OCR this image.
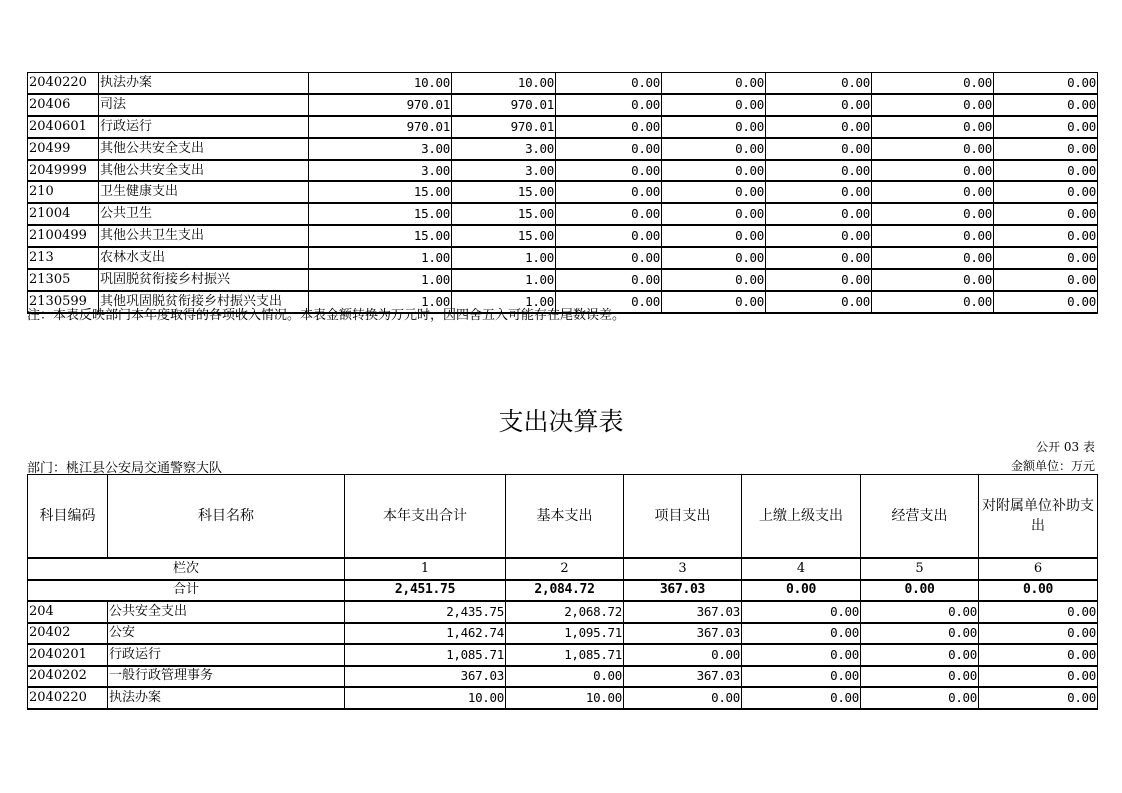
2040220	执法办案	10.00	10.00	0.00	0.00	0.00	0.00	0.00
20406	司法	970.01	970.01	0.00	0.00	0.00	0.00	0.00
2040601	行政运行	970.01	970.01	0.00	0.00	0.00	0.00	0.00
20499	其他公共安全支出	3.00	3.00	0.00	0.00	0.00	0.00	0.00
2049999	其他公共安全支出	3.00	3.00	0.00	0.00	0.00	0.00	0.00
210	卫生健康支出	15.00	15.00	0.00	0.00	0.00	0.00	0.00
21004	公共卫生	15.00	15.00	0.00	0.00	0.00	0.00	0.00
2100499	其他公共卫生支出	15.00	15.00	0.00	0.00	0.00	0.00	0.00
213	农林水支出	1.00	1.00	0.00	0.00	0.00	0.00	0.00
21305	巩固脱贫衔接乡村振兴	1.00	1.00	0.00	0.00	0.00	0.00	0.00
2130599	其他巩固脱贫衔接乡村振兴支出	1.00	1.00	0.00	0.00	0.00	0.00	0.00
注：本表反映部门本年度取得的各项收入情况。本表金额转换为万元时，因四舍五入可能存在尾数误差。
支出决算表
公开 03 表
部门：桃江县公安局交通警察大队	金额单位：万元
科目编码	科目名称	本年支出合计	基本支出	项目支出	上缴上级支出	经营支出	对附属单位补助支出
栏次		1	2	3	4	5	6
合计		2,451.75	2,084.72	367.03	0.00	0.00	0.00
204	公共安全支出	2,435.75	2,068.72	367.03	0.00	0.00	0.00
20402	公安	1,462.74	1,095.71	367.03	0.00	0.00	0.00
2040201	行政运行	1,085.71	1,085.71	0.00	0.00	0.00	0.00
2040202	一般行政管理事务	367.03	0.00	367.03	0.00	0.00	0.00
2040220	执法办案	10.00	10.00	0.00	0.00	0.00	0.00
